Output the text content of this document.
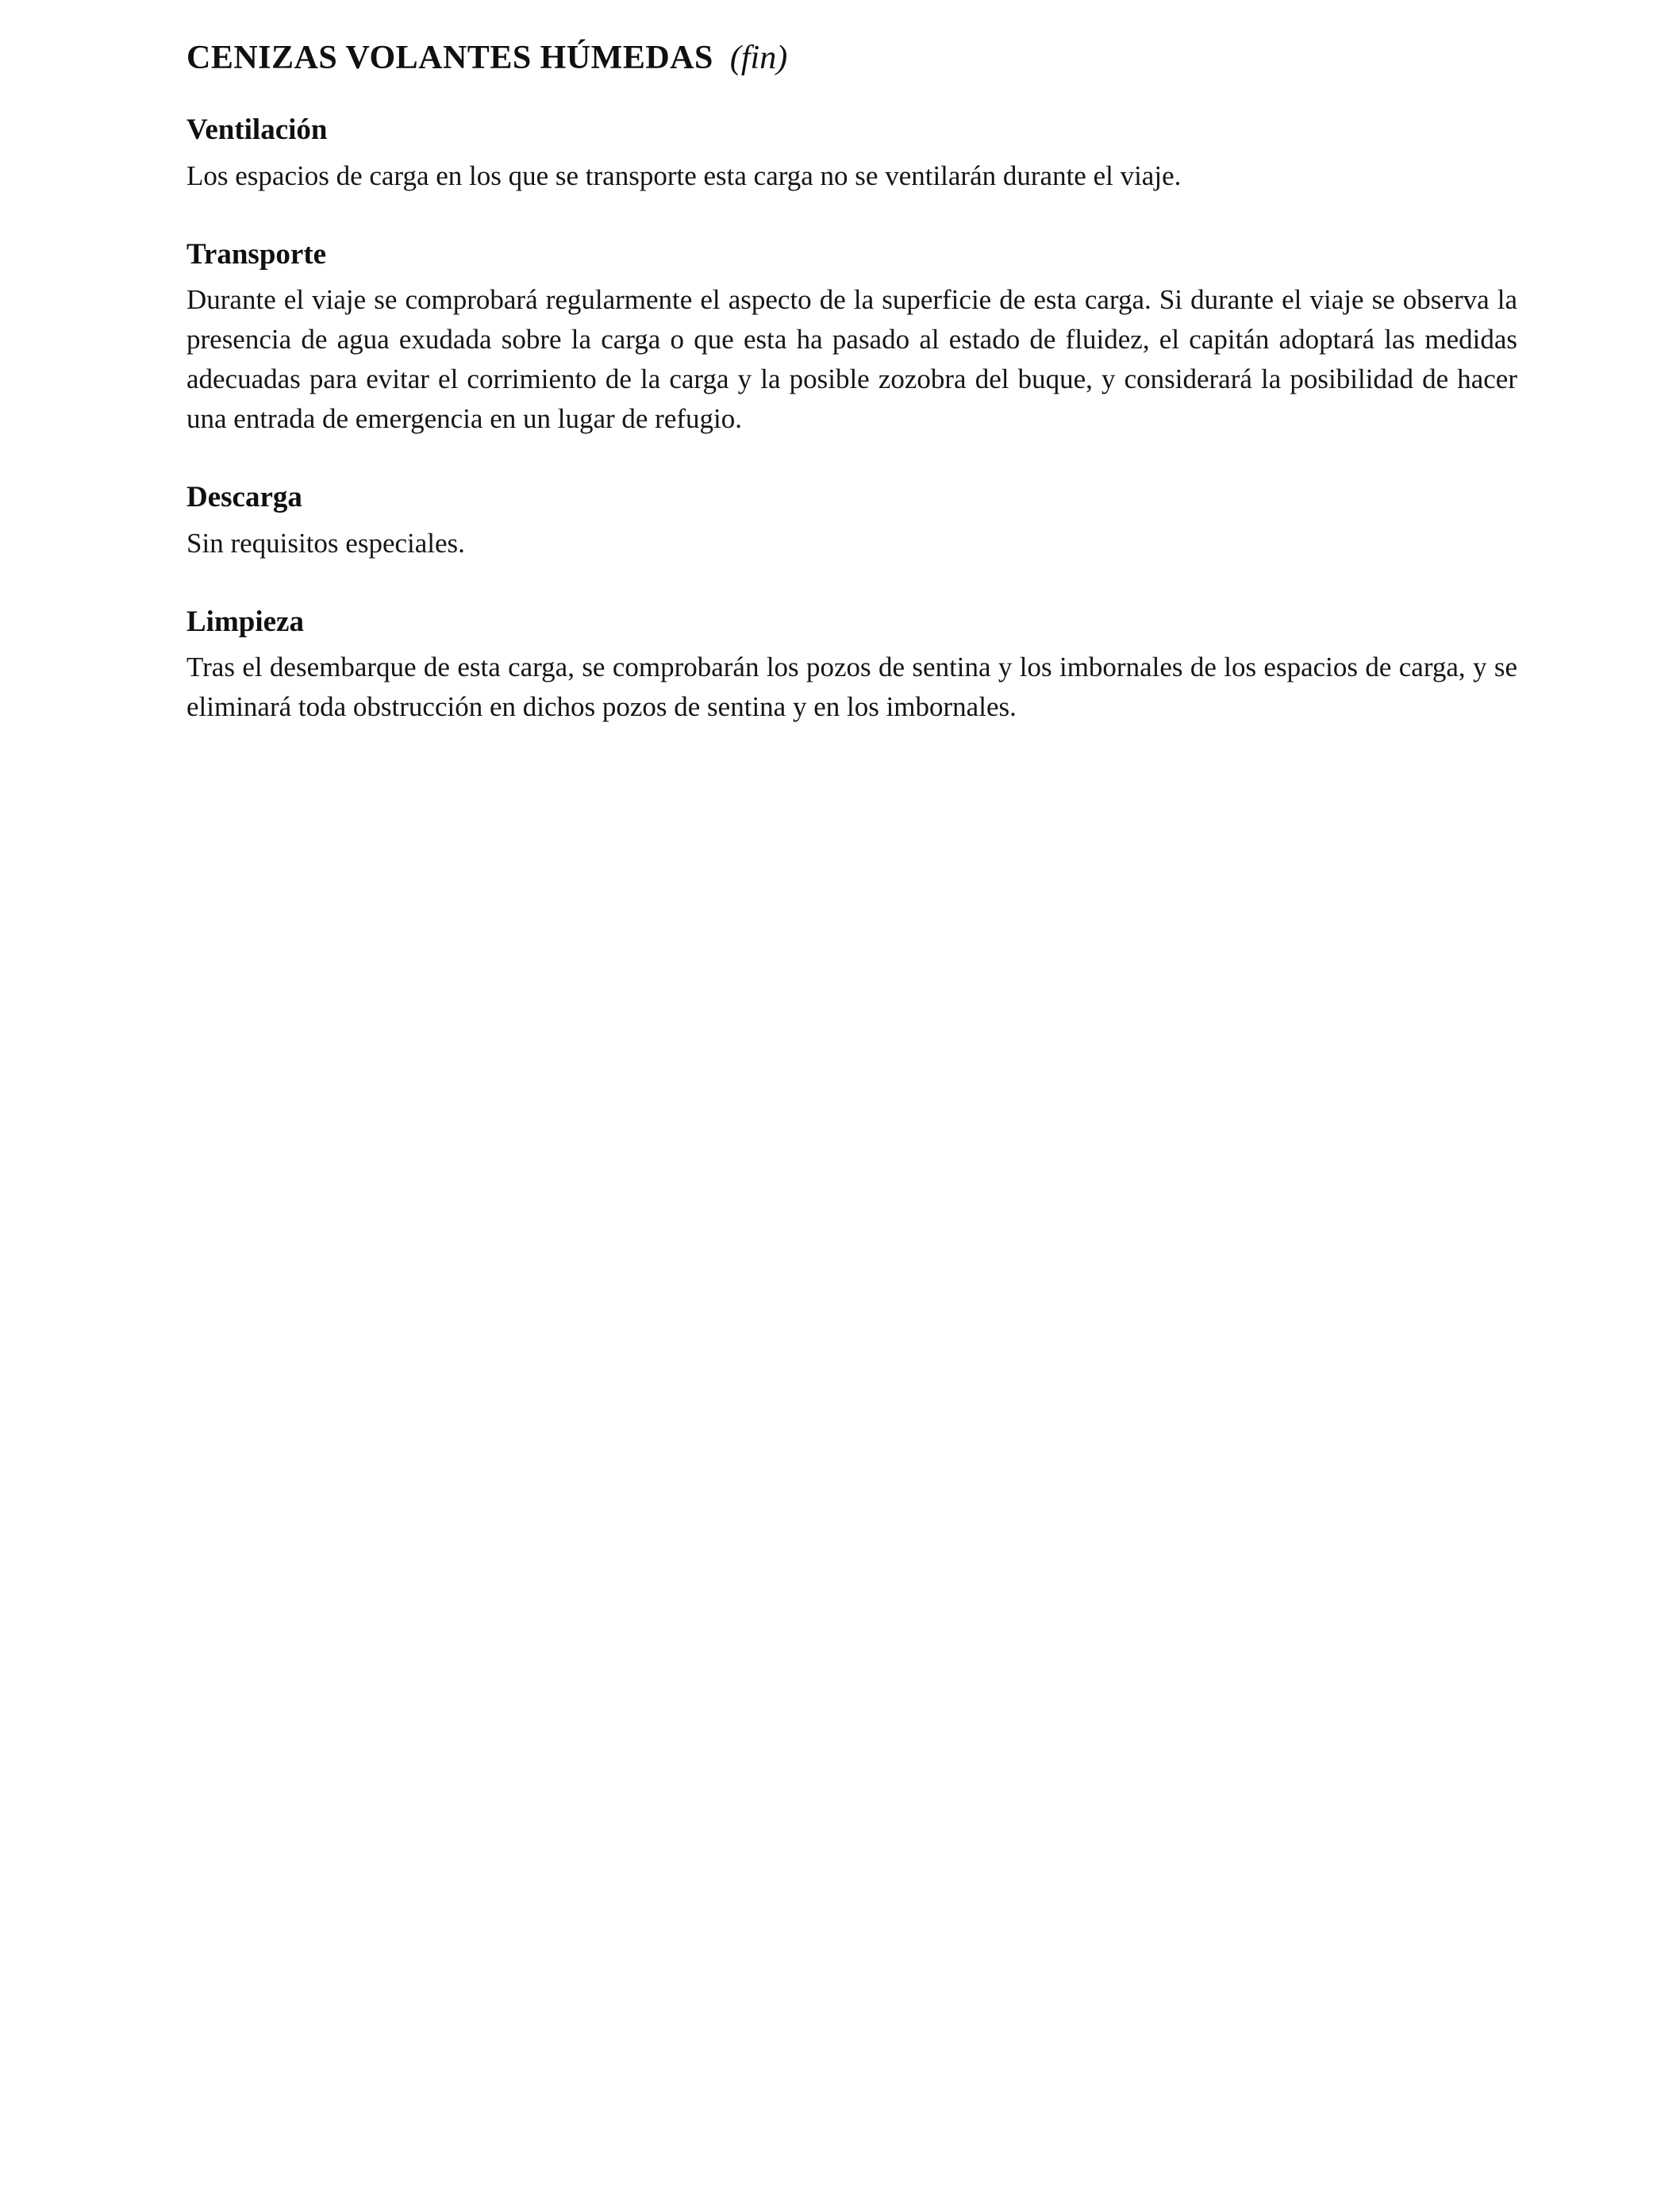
CENIZAS VOLANTES HÚMEDAS (fin)
Ventilación

Los espacios de carga en los que se transporte esta carga no se ventilarán durante el viaje.

Transporte

Durante el viaje se comprobará regularmente el aspecto de la superficie de esta carga. Si durante el viaje se observa la presencia de agua exudada sobre la carga o que esta ha pasado al estado de fluidez, el capitán adoptará las medidas adecuadas para evitar el corrimiento de la carga y la posible zozobra del buque, y considerará la posibilidad de hacer una entrada de emergencia en un lugar de refugio.

Descarga

Sin requisitos especiales.

Limpieza

Tras el desembarque de esta carga, se comprobarán los pozos de sentina y los imbornales de los espacios de carga, y se eliminará toda obstrucción en dichos pozos de sentina y en los imbornales.
